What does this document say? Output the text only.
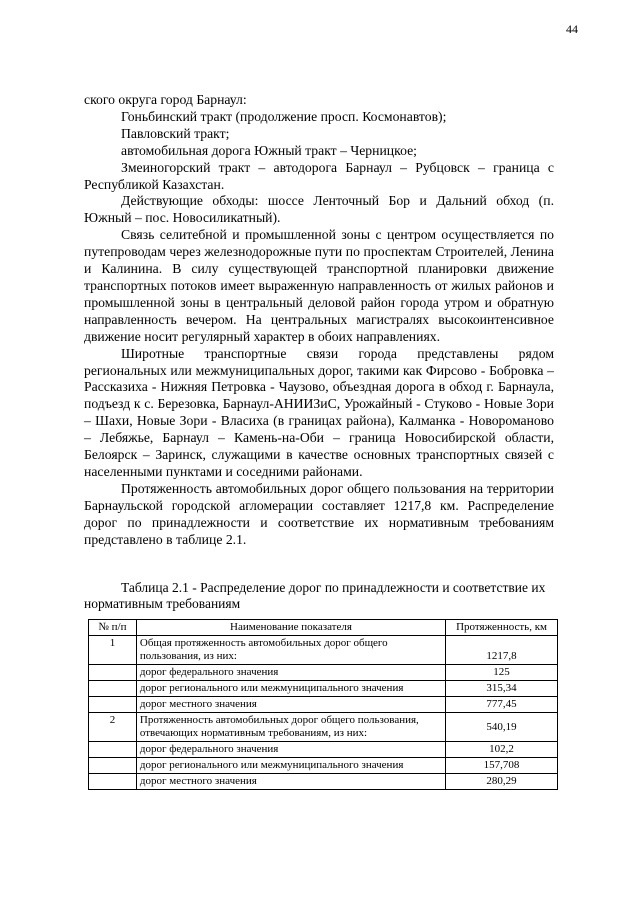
44

ского округа город Барнаул:

Гоньбинский тракт (продолжение просп. Космонавтов);

Павловский тракт;

автомобильная дорога Южный тракт – Черницкое;

Змеиногорский тракт – автодорога Барнаул – Рубцовск – граница с Республикой Казахстан.

Действующие обходы: шоссе Ленточный Бор и Дальний обход (п. Южный – пос. Новосиликатный).

Связь селитебной и промышленной зоны с центром осуществляется по путепроводам через железнодорожные пути по проспектам Строителей, Ленина и Калинина. В силу существующей транспортной планировки движение транспортных потоков имеет выраженную направленность от жилых районов и промышленной зоны в центральный деловой район города утром и обратную направленность вечером. На центральных магистралях высокоинтенсивное движение носит регулярный характер в обоих направлениях.

Широтные транспортные связи города представлены рядом региональных или межмуниципальных дорог, такими как Фирсово - Бобровка – Рассказиха - Нижняя Петровка - Чаузово, объездная дорога в обход г. Барнаула, подъезд к с. Березовка, Барнаул-АНИИЗиС, Урожайный - Стуково - Новые Зори – Шахи, Новые Зори - Власиха (в границах района), Калманка - Новороманово – Лебяжье, Барнаул – Камень-на-Оби – граница Новосибирской области, Белоярск – Заринск, служащими в качестве основных транспортных связей с населенными пунктами и соседними районами.

Протяженность автомобильных дорог общего пользования на территории Барнаульской городской агломерации составляет 1217,8 км. Распределение дорог по принадлежности и соответствие их нормативным требованиям представлено в таблице 2.1.

Таблица 2.1 - Распределение дорог по принадлежности и соответствие их нормативным требованиям
№ п/п	Наименование показателя	Протяженность, км
1	Общая протяженность автомобильных дорог общего пользования, из них:	1217,8
	дорог федерального значения	125
	дорог регионального или межмуниципального значения	315,34
	дорог местного значения	777,45
2	Протяженность автомобильных дорог общего пользования, отвечающих нормативным требованиям, из них:	540,19
	дорог федерального значения	102,2
	дорог регионального или межмуниципального значения	157,708
	дорог местного значения	280,29
